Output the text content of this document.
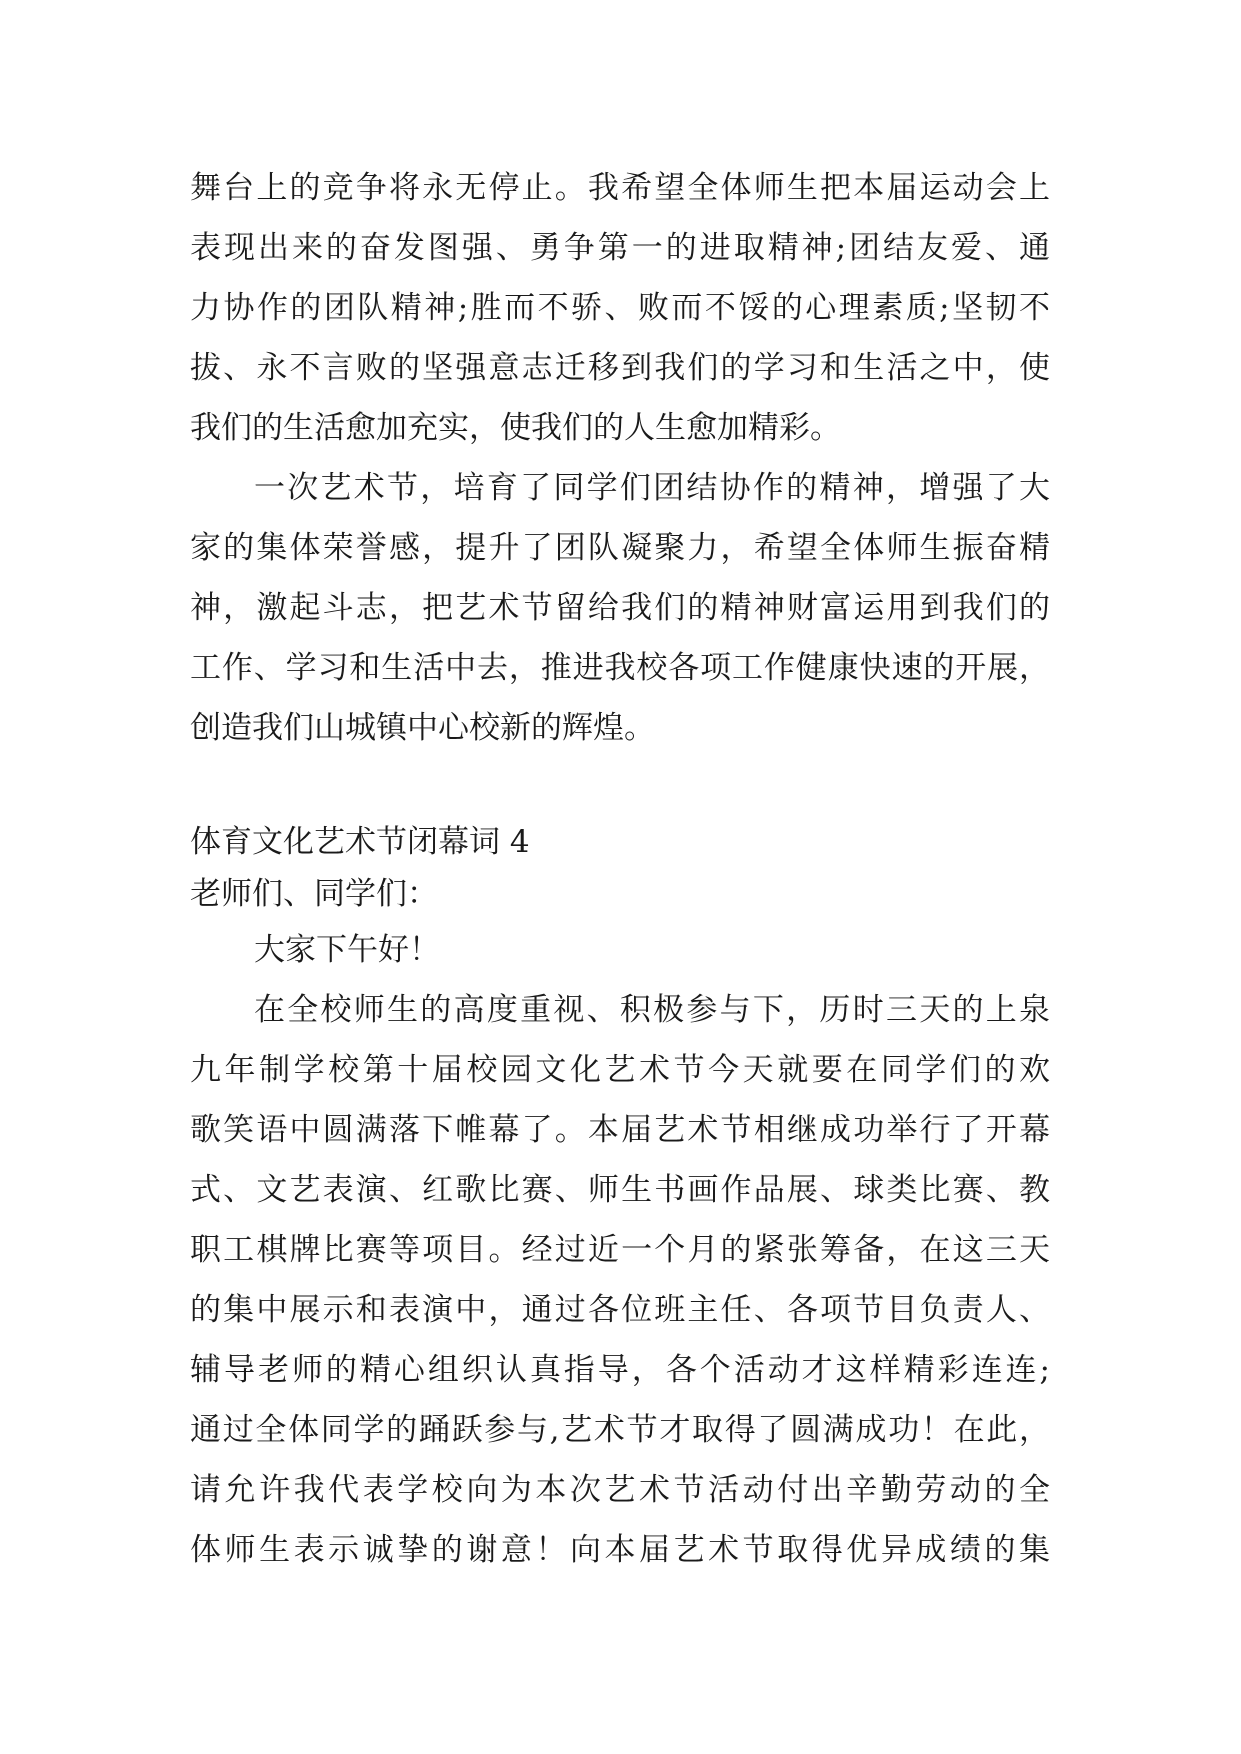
舞台上的竞争将永无停止。我希望全体师生把本届运动会上
表现出来的奋发图强、勇争第一的进取精神;团结友爱、通
力协作的团队精神;胜而不骄、败而不馁的心理素质;坚韧不
拔、永不言败的坚强意志迁移到我们的学习和生活之中，使
我们的生活愈加充实，使我们的人生愈加精彩。
一次艺术节，培育了同学们团结协作的精神，增强了大
家的集体荣誉感，提升了团队凝聚力，希望全体师生振奋精
神，激起斗志，把艺术节留给我们的精神财富运用到我们的
工作、学习和生活中去，推进我校各项工作健康快速的开展，
创造我们山城镇中心校新的辉煌。
体育文化艺术节闭幕词 4
老师们、同学们：
大家下午好！
在全校师生的高度重视、积极参与下，历时三天的上泉
九年制学校第十届校园文化艺术节今天就要在同学们的欢
歌笑语中圆满落下帷幕了。本届艺术节相继成功举行了开幕
式、文艺表演、红歌比赛、师生书画作品展、球类比赛、教
职工棋牌比赛等项目。经过近一个月的紧张筹备，在这三天
的集中展示和表演中，通过各位班主任、各项节目负责人、
辅导老师的精心组织认真指导，各个活动才这样精彩连连;
通过全体同学的踊跃参与,艺术节才取得了圆满成功！在此，
请允许我代表学校向为本次艺术节活动付出辛勤劳动的全
体师生表示诚挚的谢意！向本届艺术节取得优异成绩的集
